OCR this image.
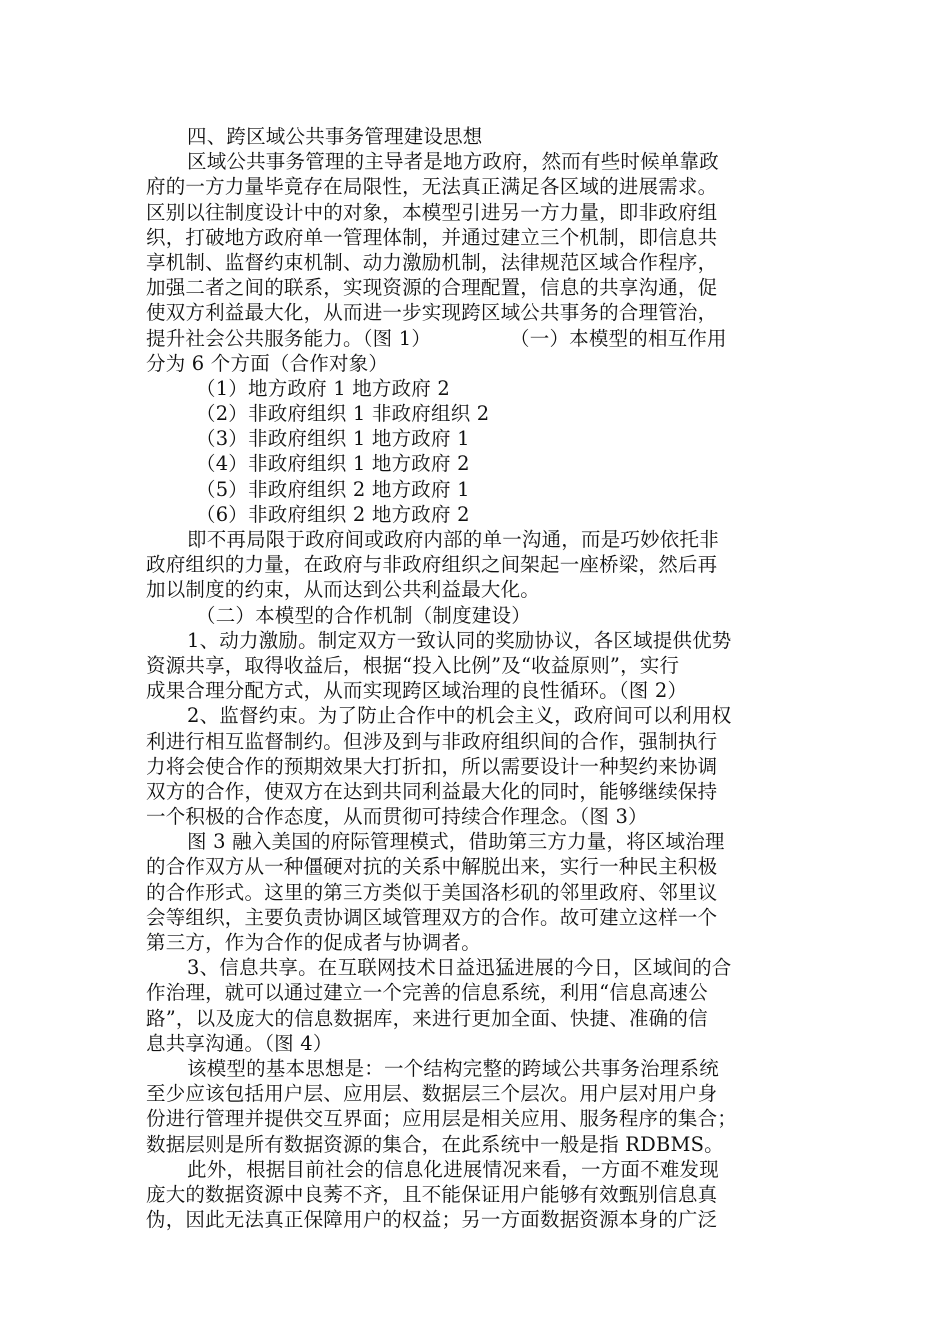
四、跨区域公共事务管理建设思想
区域公共事务管理的主导者是地方政府，然而有些时候单靠政
府的一方力量毕竟存在局限性，无法真正满足各区域的进展需求。
区别以往制度设计中的对象，本模型引进另一方力量，即非政府组
织，打破地方政府单一管理体制，并通过建立三个机制，即信息共
享机制、监督约束机制、动力激励机制，法律规范区域合作程序，
加强二者之间的联系，实现资源的合理配置，信息的共享沟通，促
使双方利益最大化，从而进一步实现跨区域公共事务的合理管治，
提升社会公共服务能力。（图 1）　　　　　（一）本模型的相互作用
分为 6 个方面（合作对象）
（1）地方政府 1 地方政府 2
（2）非政府组织 1 非政府组织 2
（3）非政府组织 1 地方政府 1
（4）非政府组织 1 地方政府 2
（5）非政府组织 2 地方政府 1
（6）非政府组织 2 地方政府 2
即不再局限于政府间或政府内部的单一沟通，而是巧妙依托非
政府组织的力量，在政府与非政府组织之间架起一座桥梁，然后再
加以制度的约束，从而达到公共利益最大化。
（二）本模型的合作机制（制度建设）
1、动力激励。制定双方一致认同的奖励协议，各区域提供优势
资源共享，取得收益后，根据“投入比例”及“收益原则”，实行
成果合理分配方式，从而实现跨区域治理的良性循环。（图 2）
2、监督约束。为了防止合作中的机会主义，政府间可以利用权
利进行相互监督制约。但涉及到与非政府组织间的合作，强制执行
力将会使合作的预期效果大打折扣，所以需要设计一种契约来协调
双方的合作，使双方在达到共同利益最大化的同时，能够继续保持
一个积极的合作态度，从而贯彻可持续合作理念。（图 3）
图 3 融入美国的府际管理模式，借助第三方力量，将区域治理
的合作双方从一种僵硬对抗的关系中解脱出来，实行一种民主积极
的合作形式。这里的第三方类似于美国洛杉矶的邻里政府、邻里议
会等组织，主要负责协调区域管理双方的合作。故可建立这样一个
第三方，作为合作的促成者与协调者。
3、信息共享。在互联网技术日益迅猛进展的今日，区域间的合
作治理，就可以通过建立一个完善的信息系统，利用“信息高速公
路”，以及庞大的信息数据库，来进行更加全面、快捷、准确的信
息共享沟通。（图 4）
该模型的基本思想是：一个结构完整的跨域公共事务治理系统
至少应该包括用户层、应用层、数据层三个层次。用户层对用户身
份进行管理并提供交互界面；应用层是相关应用、服务程序的集合；
数据层则是所有数据资源的集合，在此系统中一般是指 RDBMS。
此外，根据目前社会的信息化进展情况来看，一方面不难发现
庞大的数据资源中良莠不齐，且不能保证用户能够有效甄别信息真
伪，因此无法真正保障用户的权益；另一方面数据资源本身的广泛
